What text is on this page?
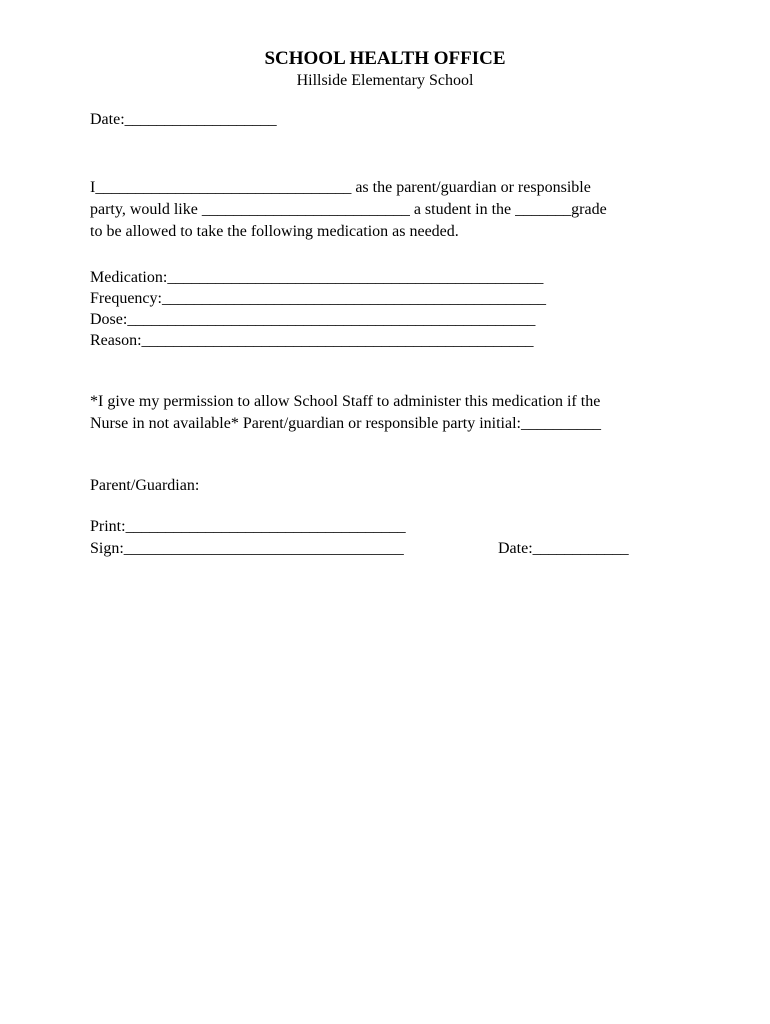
SCHOOL HEALTH OFFICE
Hillside Elementary School
Date:___________________
I________________________________ as the parent/guardian or responsible
party, would like __________________________ a student in the _______grade
to be allowed to take the following medication as needed.
Medication:_______________________________________________
Frequency:________________________________________________
Dose:___________________________________________________
Reason:_________________________________________________
*I give my permission to allow School Staff to administer this medication if the
Nurse in not available* Parent/guardian or responsible party initial:__________
Parent/Guardian:
Print:___________________________________
Sign:___________________________________	Date:____________
